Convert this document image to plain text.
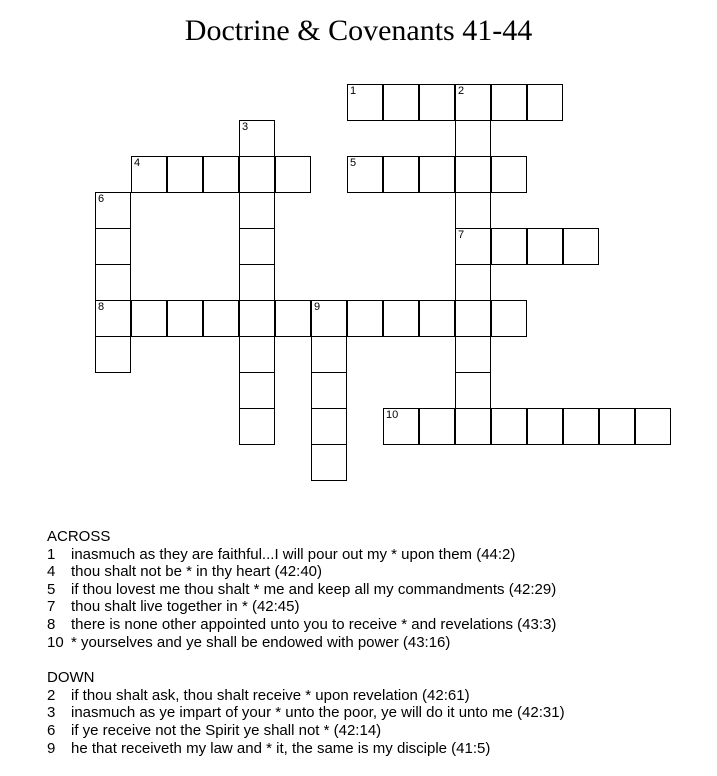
Doctrine & Covenants 41-44
1	2
3
4	5
6
7
8	9
10
ACROSS
1	inasmuch as they are faithful...I will pour out my * upon them (44:2)
4	thou shalt not be * in thy heart (42:40)
5	if thou lovest me thou shalt * me and keep all my commandments (42:29)
7	thou shalt live together in * (42:45)
8	there is none other appointed unto you to receive * and revelations (43:3)
10 * yourselves and ye shall be endowed with power (43:16)
DOWN
2	if thou shalt ask, thou shalt receive * upon revelation (42:61)
3	inasmuch as ye impart of your * unto the poor, ye will do it unto me (42:31)
6	if ye receive not the Spirit ye shall not * (42:14)
9	he that receiveth my law and * it, the same is my disciple (41:5)
